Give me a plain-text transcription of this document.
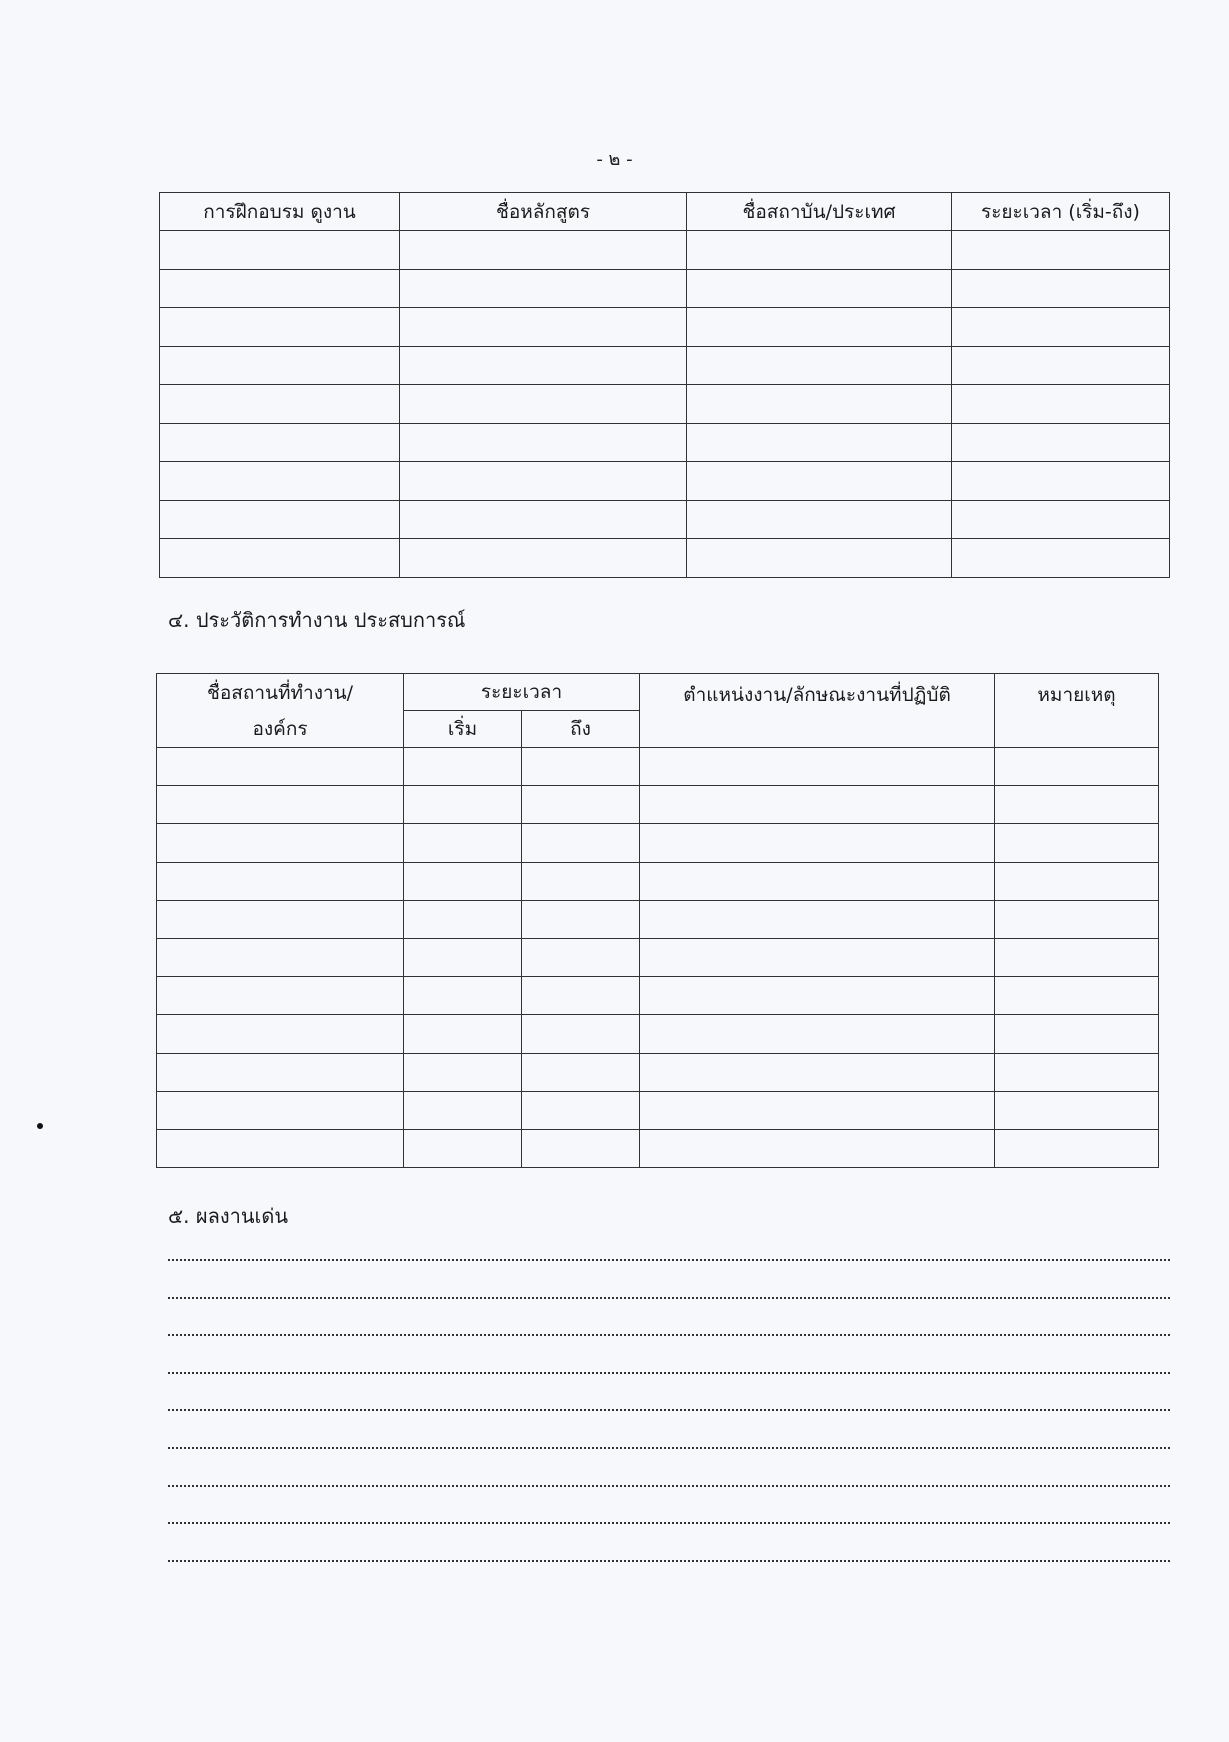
- ๒ -
การฝึกอบรม ดูงาน	ชื่อหลักสูตร	ชื่อสถาบัน/ประเทศ	ระยะเวลา (เริ่ม-ถึง)

๔. ประวัติการทำงาน ประสบการณ์
ชื่อสถานที่ทำงาน/
องค์กร	ระยะเวลา		ตำแหน่งงาน/ลักษณะงานที่ปฏิบัติ	หมายเหตุ
	เริ่ม	ถึง		

๕. ผลงานเด่น
